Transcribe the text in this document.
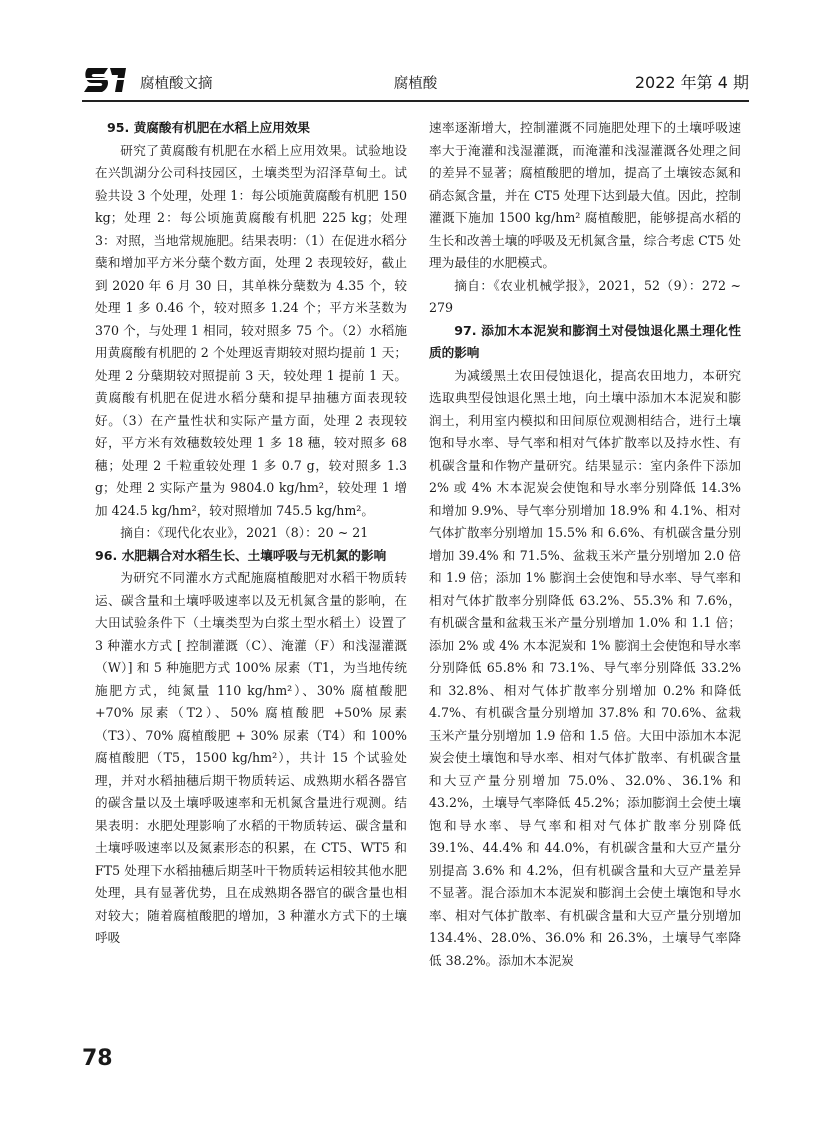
腐植酸文摘	腐植酸	2022 年第 4 期
95. 黄腐酸有机肥在水稻上应用效果

研究了黄腐酸有机肥在水稻上应用效果。试验地设在兴凯湖分公司科技园区，土壤类型为沼泽草甸土。试验共设 3 个处理，处理 1：每公顷施黄腐酸有机肥 150 kg；处理 2：每公顷施黄腐酸有机肥 225 kg；处理 3：对照，当地常规施肥。结果表明：（1）在促进水稻分蘖和增加平方米分蘖个数方面，处理 2 表现较好，截止到 2020 年 6 月 30 日，其单株分蘖数为 4.35 个，较处理 1 多 0.46 个，较对照多 1.24 个；平方米茎数为 370 个，与处理 1 相同，较对照多 75 个。（2）水稻施用黄腐酸有机肥的 2 个处理返青期较对照均提前 1 天；处理 2 分蘖期较对照提前 3 天，较处理 1 提前 1 天。黄腐酸有机肥在促进水稻分蘖和提早抽穗方面表现较好。（3）在产量性状和实际产量方面，处理 2 表现较好，平方米有效穗数较处理 1 多 18 穗，较对照多 68 穗；处理 2 千粒重较处理 1 多 0.7 g，较对照多 1.3 g；处理 2 实际产量为 9804.0 kg/hm²，较处理 1 增加 424.5 kg/hm²，较对照增加 745.5 kg/hm²。

摘自：《现代化农业》，2021（8）：20 ~ 21

96. 水肥耦合对水稻生长、土壤呼吸与无机氮的影响

为研究不同灌水方式配施腐植酸肥对水稻干物质转运、碳含量和土壤呼吸速率以及无机氮含量的影响，在大田试验条件下（土壤类型为白浆土型水稻土）设置了 3 种灌水方式 [ 控制灌溉（C）、淹灌（F）和浅湿灌溉（W）] 和 5 种施肥方式 100% 尿素（T1，为当地传统施肥方式，纯氮量 110 kg/hm²）、30% 腐植酸肥 +70% 尿素（T2）、50% 腐植酸肥 +50% 尿素（T3）、70% 腐植酸肥 + 30% 尿素（T4）和 100% 腐植酸肥（T5，1500 kg/hm²），共计 15 个试验处理，并对水稻抽穗后期干物质转运、成熟期水稻各器官的碳含量以及土壤呼吸速率和无机氮含量进行观测。结果表明：水肥处理影响了水稻的干物质转运、碳含量和土壤呼吸速率以及氮素形态的积累，在 CT5、WT5 和 FT5 处理下水稻抽穗后期茎叶干物质转运相较其他水肥处理，具有显著优势，且在成熟期各器官的碳含量也相对较大；随着腐植酸肥的增加，3 种灌水方式下的土壤呼吸

速率逐渐增大，控制灌溉不同施肥处理下的土壤呼吸速率大于淹灌和浅湿灌溉，而淹灌和浅湿灌溉各处理之间的差异不显著；腐植酸肥的增加，提高了土壤铵态氮和硝态氮含量，并在 CT5 处理下达到最大值。因此，控制灌溉下施加 1500 kg/hm² 腐植酸肥，能够提高水稻的生长和改善土壤的呼吸及无机氮含量，综合考虑 CT5 处理为最佳的水肥模式。

摘自：《农业机械学报》，2021，52（9）：272 ~ 279

97. 添加木本泥炭和膨润土对侵蚀退化黑土理化性质的影响

为减缓黑土农田侵蚀退化，提高农田地力，本研究选取典型侵蚀退化黑土地，向土壤中添加木本泥炭和膨润土，利用室内模拟和田间原位观测相结合，进行土壤饱和导水率、导气率和相对气体扩散率以及持水性、有机碳含量和作物产量研究。结果显示：室内条件下添加 2% 或 4% 木本泥炭会使饱和导水率分别降低 14.3% 和增加 9.9%、导气率分别增加 18.9% 和 4.1%、相对气体扩散率分别增加 15.5% 和 6.6%、有机碳含量分别增加 39.4% 和 71.5%、盆栽玉米产量分别增加 2.0 倍和 1.9 倍；添加 1% 膨润土会使饱和导水率、导气率和相对气体扩散率分别降低 63.2%、55.3% 和 7.6%，有机碳含量和盆栽玉米产量分别增加 1.0% 和 1.1 倍；添加 2% 或 4% 木本泥炭和 1% 膨润土会使饱和导水率分别降低 65.8% 和 73.1%、导气率分别降低 33.2% 和 32.8%、相对气体扩散率分别增加 0.2% 和降低 4.7%、有机碳含量分别增加 37.8% 和 70.6%、盆栽玉米产量分别增加 1.9 倍和 1.5 倍。大田中添加木本泥炭会使土壤饱和导水率、相对气体扩散率、有机碳含量和大豆产量分别增加 75.0%、32.0%、36.1% 和 43.2%，土壤导气率降低 45.2%；添加膨润土会使土壤饱和导水率、导气率和相对气体扩散率分别降低 39.1%、44.4% 和 44.0%，有机碳含量和大豆产量分别提高 3.6% 和 4.2%，但有机碳含量和大豆产量差异不显著。混合添加木本泥炭和膨润土会使土壤饱和导水率、相对气体扩散率、有机碳含量和大豆产量分别增加 134.4%、28.0%、36.0% 和 26.3%，土壤导气率降低 38.2%。添加木本泥炭

78
